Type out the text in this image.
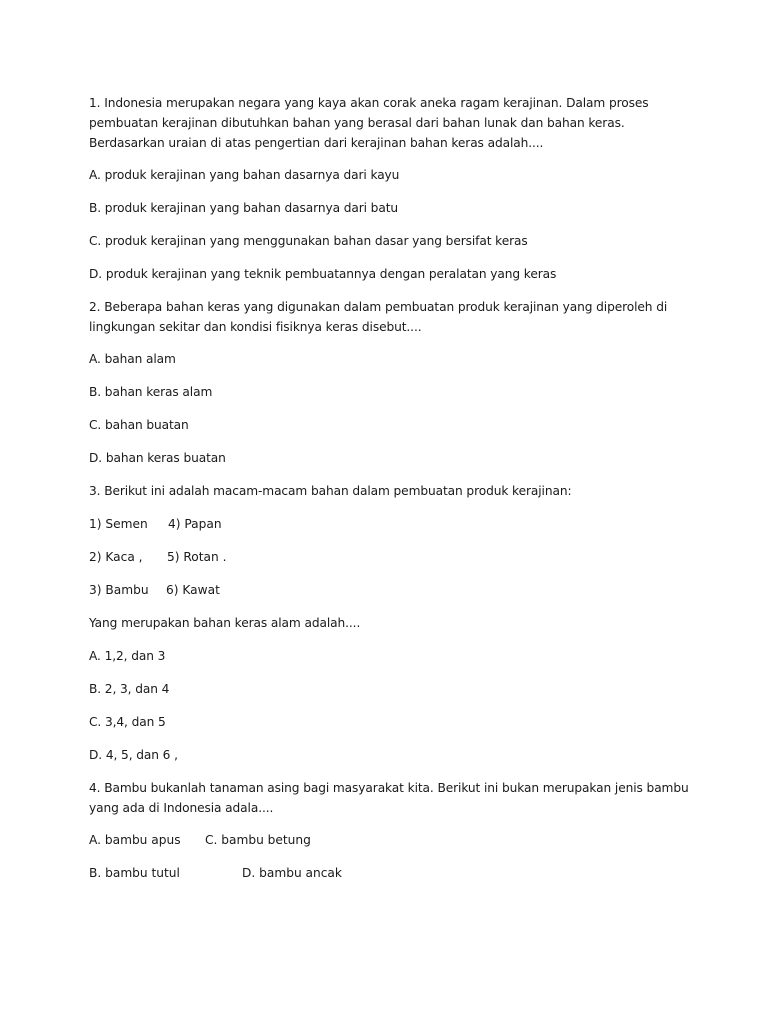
1. Indonesia merupakan negara yang kaya akan corak aneka ragam kerajinan. Dalam proses pembuatan kerajinan dibutuhkan bahan yang berasal dari bahan lunak dan bahan keras. Berdasarkan uraian di atas pengerti̇an dari kerajinan bahan keras adalah....

A. produk kerajinan yang bahan dasarnya dari kayu

B. produk kerajinan yang bahan dasarnya dari batu

C. produk kerajinan yang menggunakan bahan dasar yang bersifat keras

D. produk kerajinan yang teknik pembuatannya dengan peralatan yang keras

2. Beberapa bahan keras yang digunakan dalam pembuatan produk kerajinan yang diperoleh di lingkungan sekitar dan kondisi fisiknya keras disebut....

A. bahan alam

B. bahan keras alam

C. bahan buatan

D. bahan keras buatan

3. Berikut ini adalah macam-macam bahan dalam pembuatan produk kerajinan:

1) Semen	4) Papan
2) Kaca ,	5) Rotan .
3) Bambu	6) Kawat

Yang merupakan bahan keras alam adalah....

A. 1,2, dan 3

B. 2, 3, dan 4

C. 3,4, dan 5

D. 4, 5, dan 6 ,

4. Bambu bukanlah tanaman asing bagi masyarakat kita. Berikut ini bukan merupakan jenis bambu yang ada di Indonesia adala....

A. bambu apus	C. bambu betung
B. bambu tutul	D. bambu ancak
